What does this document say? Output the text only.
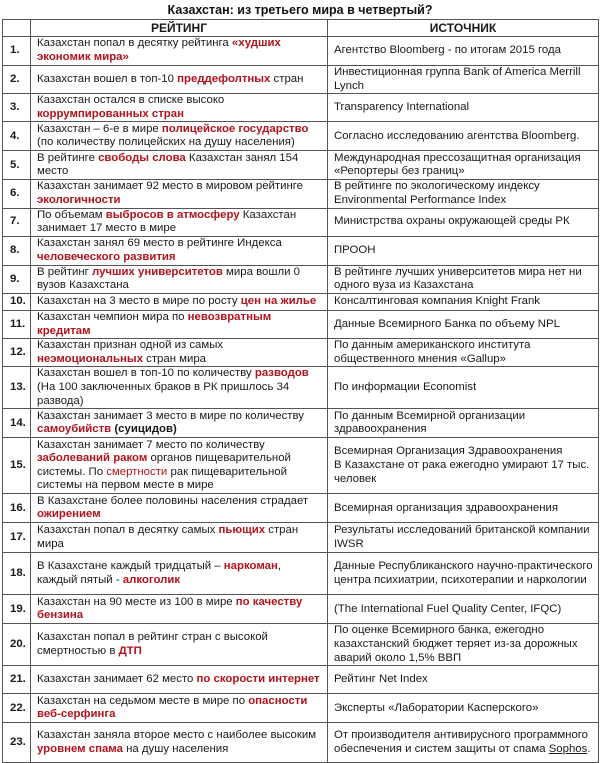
Казахстан: из третьего мира в четвертый?
	РЕЙТИНГ	ИСТОЧНИК
1.	Казахстан попал в десятку рейтинга «худших экономик мира»	Агентство Bloomberg - по итогам 2015 года
2.	Казахстан вошел в топ-10 преддефолтных стран	Инвестиционная группа Bank of America Merrill Lynch
3.	Казахстан остался в списке высоко коррумпированных стран	Transparency International
4.	Казахстан – 6-е в мире полицейское государство (по количеству полицейских на душу населения)	Согласно исследованию агентства Bloomberg.
5.	В рейтинге свободы слова Казахстан занял 154 место	Международная прессозащитная организация «Репортеры без границ»
6.	Казахстан занимает 92 место в мировом рейтинге экологичности	В рейтинге по экологическому индексу Environmental Performance Index
7.	По объемам выбросов в атмосферу Казахстан занимает 17 место в мире	Министрства охраны окружающей среды РК
8.	Казахстан занял 69 место в рейтинге Индекса человеческого развития	ПРООН
9.	В рейтинг лучших университетов мира вошли 0 вузов Казахстана	В рейтинге лучших университетов мира нет ни одного вуза из Казахстана
10.	Казахстан на 3 место в мире по росту цен на жилье	Консалтинговая компания Knight Frank
11.	Казахстан чемпион мира по невозвратным кредитам	Данные Всемирного Банка по объему NPL
12.	Казахстан признан одной из самых неэмоциональных стран мира	По данным американского института общественного мнения «Gallup»
13.	Казахстан вошел в топ-10 по количеству разводов (На 100 заключенных браков в РК пришлось 34 развода)	По информации Economist
14.	Казахстан занимает 3 место в мире по количеству самоубийств (суицидов)	По данным Всемирной организации здравоохранения
15.	Казахстан занимает 7 место по количеству заболеваний раком органов пищеварительной системы. По смертности рак пищеварительной системы на первом месте в мире	Всемирная Организация Здравоохранения
В Казахстане от рака ежегодно умирают 17 тыс. человек
16.	В Казахстане более половины населения страдает ожирением	Всемирная организация здравоохранения
17.	Казахстан попал в десятку самых пьющих стран мира	Результаты исследований британской компании IWSR
18.	В Казахстане каждый тридцатый – наркоман, каждый пятый - алкоголик	Данные Республиканского научно-практического центра психиатрии, психотерапии и наркологии
19.	Казахстан на 90 месте из 100 в мире по качеству бензина	(The International Fuel Quality Center, IFQC)
20.	Казахстан попал в рейтинг стран с высокой смертностью в ДТП	По оценке Всемирного банка, ежегодно казахстанский бюджет теряет из-за дорожных аварий около 1,5% ВВП
21.	Казахстан занимает 62 место по скорости интернет	Рейтинг Net Index
22.	Казахстан на седьмом месте в мире по опасности веб-серфинга	Эксперты «Лаборатории Касперского»
23.	Казахстан заняла второе место с наиболее высоким уровнем спама на душу населения	От производителя антивирусного программного обеспечения и систем защиты от спама Sophos.
